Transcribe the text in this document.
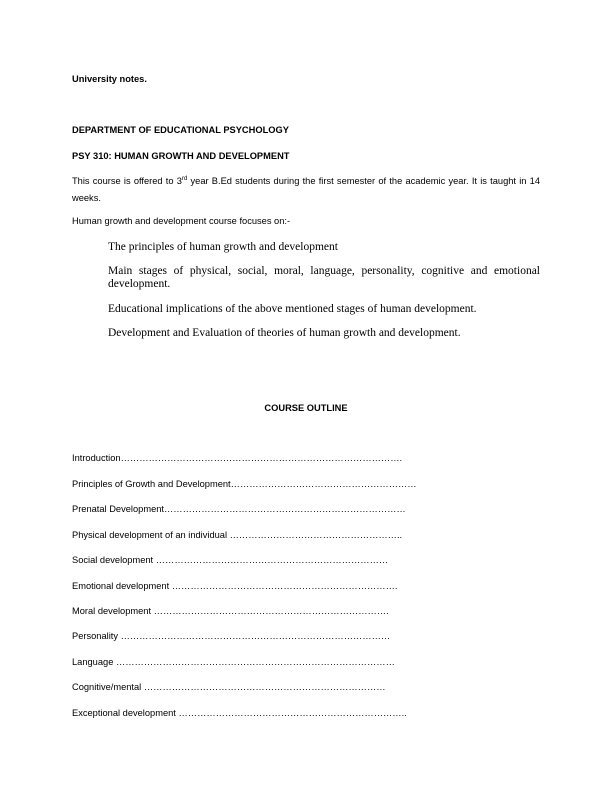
University notes.
DEPARTMENT OF EDUCATIONAL PSYCHOLOGY
PSY 310: HUMAN GROWTH AND DEVELOPMENT
This course is offered to 3rd year B.Ed students during the first semester of the academic year. It is taught in 14 weeks.
Human growth and development course focuses on:-
The principles of human growth and development
Main stages of physical, social, moral, language, personality, cognitive and emotional development.
Educational implications of the above mentioned stages of human development.
Development and Evaluation of theories of human growth and development.
COURSE OUTLINE
Introduction……………………………………………………………………………….
Principles of Growth and Development……………………………………………………
Prenatal Development……………………………………………………………………
Physical development of an individual ………………………………………………..
Social development …………………………………………………………………
Emotional development ……………………………………………………………….
Moral development ………………………………………………………………….
Personality ……………………………………………………………………………
Language ………………………………………………………………………………
Cognitive/mental ……………………………………………………………………
Exceptional development ………………………………………………………………..
